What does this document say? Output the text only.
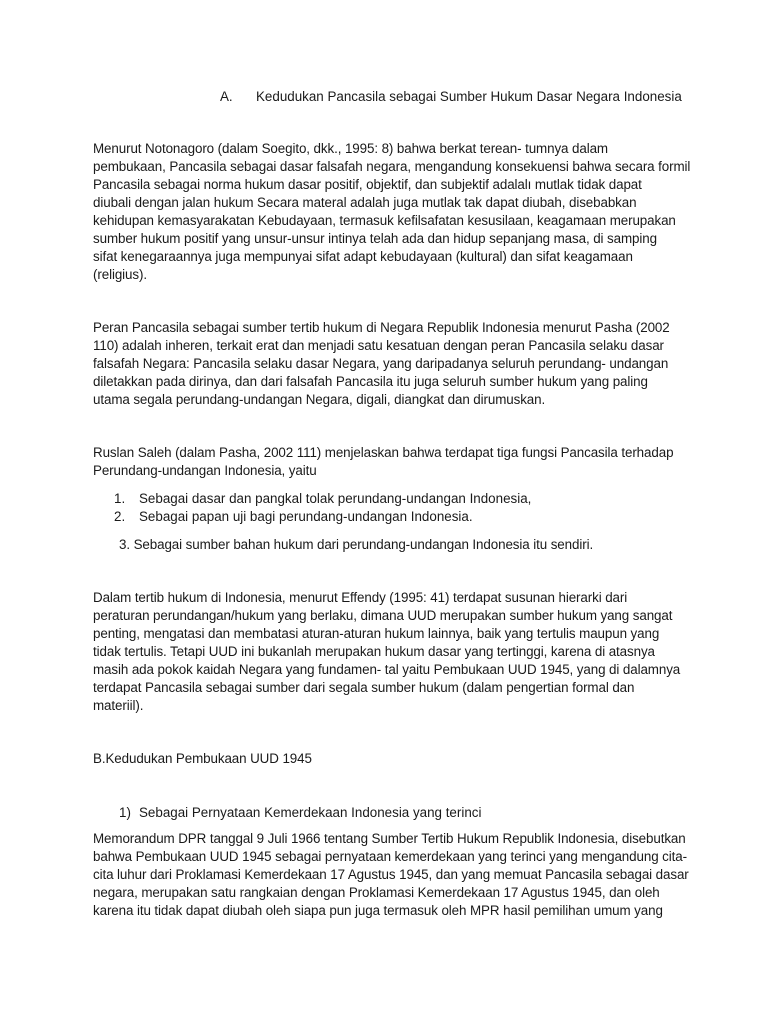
A. Kedudukan Pancasila sebagai Sumber Hukum Dasar Negara Indonesia
Menurut Notonagoro (dalam Soegito, dkk., 1995: 8) bahwa berkat terean- tumnya dalam
pembukaan, Pancasila sebagai dasar falsafah negara, mengandung konsekuensi bahwa secara formil
Pancasila sebagai norma hukum dasar positif, objektif, dan subjektif adalalı mutlak tidak dapat
diubali dengan jalan hukum Secara materal adalah juga mutlak tak dapat diubah, disebabkan
kehidupan kemasyarakatan Kebudayaan, termasuk kefilsafatan kesusilaan, keagamaan merupakan
sumber hukum positif yang unsur-unsur intinya telah ada dan hidup sepanjang masa, di samping
sifat kenegaraannya juga mempunyai sifat adapt kebudayaan (kultural) dan sifat keagamaan
(religius).
Peran Pancasila sebagai sumber tertib hukum di Negara Republik Indonesia menurut Pasha (2002
110) adalah inheren, terkait erat dan menjadi satu kesatuan dengan peran Pancasila selaku dasar
falsafah Negara: Pancasila selaku dasar Negara, yang daripadanya seluruh perundang- undangan
diletakkan pada dirinya, dan dari falsafah Pancasila itu juga seluruh sumber hukum yang paling
utama segala perundang-undangan Negara, digali, diangkat dan dirumuskan.
Ruslan Saleh (dalam Pasha, 2002 111) menjelaskan bahwa terdapat tiga fungsi Pancasila terhadap
Perundang-undangan Indonesia, yaitu
1. Sebagai dasar dan pangkal tolak perundang-undangan Indonesia,
2. Sebagai papan uji bagi perundang-undangan Indonesia.
3. Sebagai sumber bahan hukum dari perundang-undangan Indonesia itu sendiri.
Dalam tertib hukum di Indonesia, menurut Effendy (1995: 41) terdapat susunan hierarki dari
peraturan perundangan/hukum yang berlaku, dimana UUD merupakan sumber hukum yang sangat
penting, mengatasi dan membatasi aturan-aturan hukum lainnya, baik yang tertulis maupun yang
tidak tertulis. Tetapi UUD ini bukanlah merupakan hukum dasar yang tertinggi, karena di atasnya
masih ada pokok kaidah Negara yang fundamen- tal yaitu Pembukaan UUD 1945, yang di dalamnya
terdapat Pancasila sebagai sumber dari segala sumber hukum (dalam pengertian formal dan
materiil).
B.Kedudukan Pembukaan UUD 1945
1) Sebagai Pernyataan Kemerdekaan Indonesia yang terinci
Memorandum DPR tanggal 9 Juli 1966 tentang Sumber Tertib Hukum Republik Indonesia, disebutkan
bahwa Pembukaan UUD 1945 sebagai pernyataan kemerdekaan yang terinci yang mengandung cita-
cita luhur dari Proklamasi Kemerdekaan 17 Agustus 1945, dan yang memuat Pancasila sebagai dasar
negara, merupakan satu rangkaian dengan Proklamasi Kemerdekaan 17 Agustus 1945, dan oleh
karena itu tidak dapat diubah oleh siapa pun juga termasuk oleh MPR hasil pemilihan umum yang
